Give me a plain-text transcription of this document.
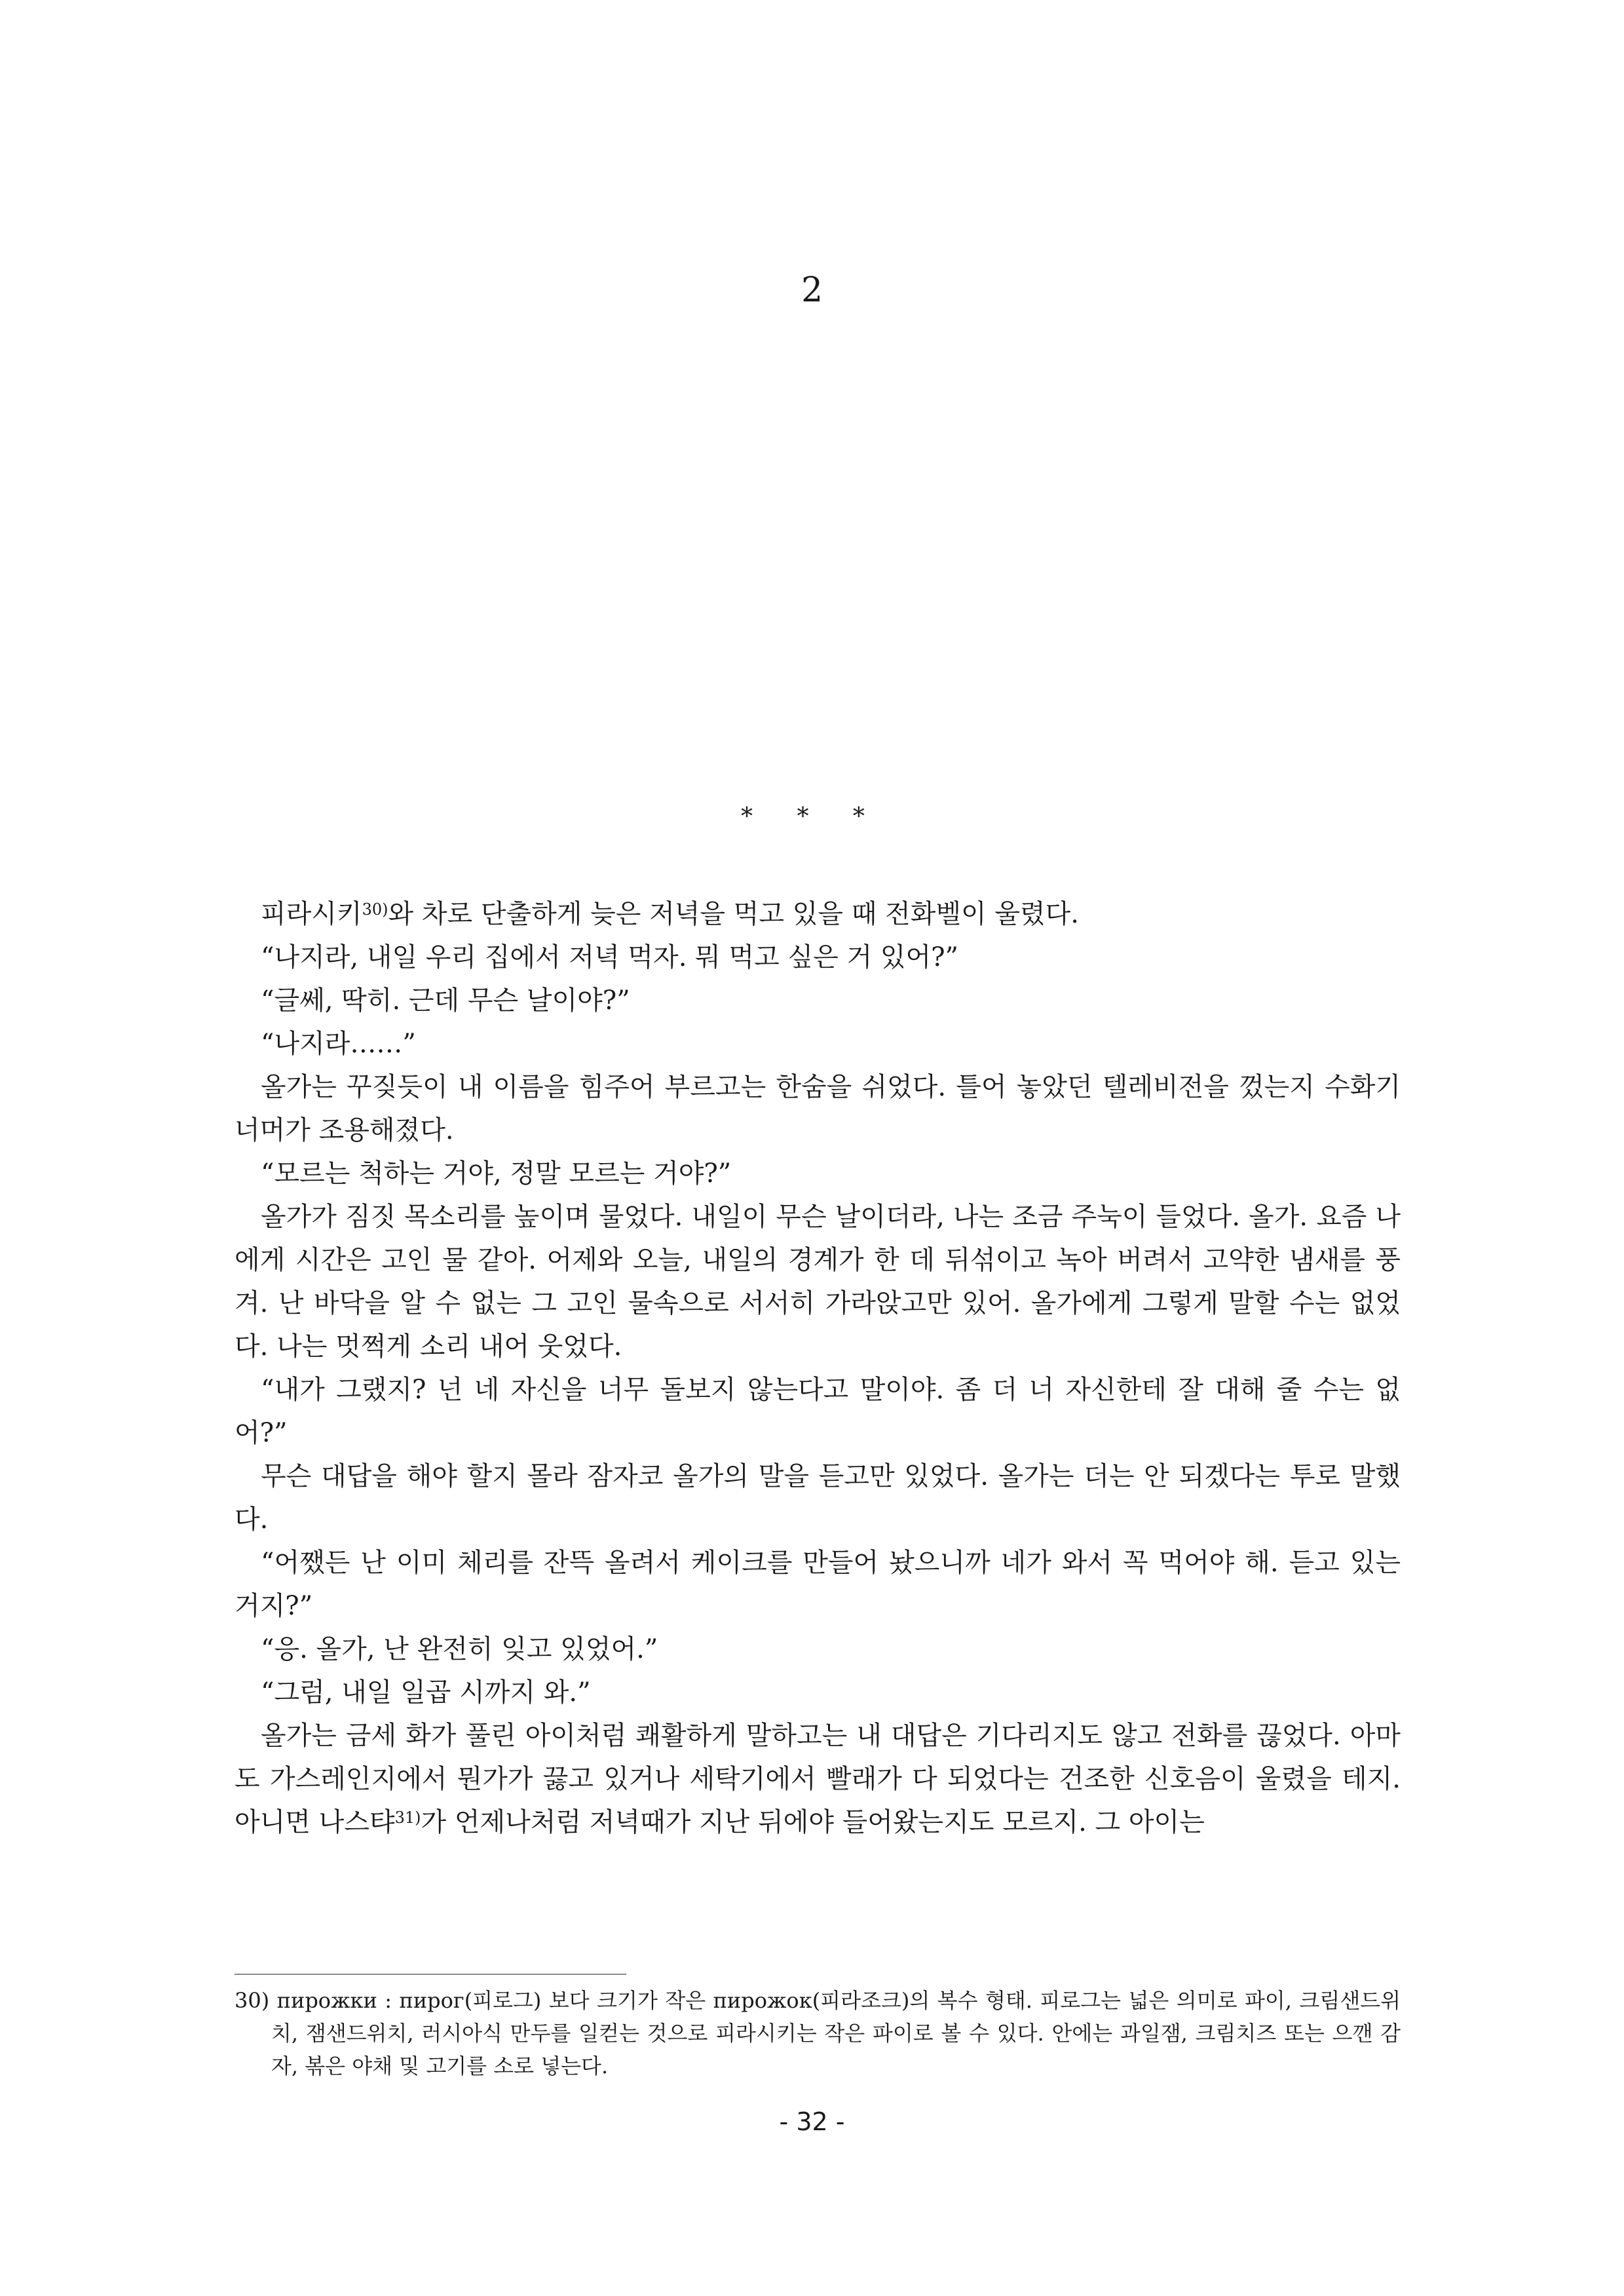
2
* * *

피라시키$^{30)}$와 차로 단출하게 늦은 저녁을 먹고 있을 때 전화벨이 울렸다.

“나지라, 내일 우리 집에서 저녁 먹자. 뭐 먹고 싶은 거 있어?”

“글쎄, 딱히. 근데 무슨 날이야?”

“나지라……”

올가는 꾸짖듯이 내 이름을 힘주어 부르고는 한숨을 쉬었다. 틀어 놓았던 텔레비전을 껐는지 수화기 너머가 조용해졌다.

“모르는 척하는 거야, 정말 모르는 거야?”

올가가 짐짓 목소리를 높이며 물었다. 내일이 무슨 날이더라, 나는 조금 주눅이 들었다. 올가. 요즘 나에게 시간은 고인 물 같아. 어제와 오늘, 내일의 경계가 한 데 뒤섞이고 녹아 버려서 고약한 냄새를 풍겨. 난 바닥을 알 수 없는 그 고인 물속으로 서서히 가라앉고만 있어. 올가에게 그렇게 말할 수는 없었다. 나는 멋쩍게 소리 내어 웃었다.

“내가 그랬지? 넌 네 자신을 너무 돌보지 않는다고 말이야. 좀 더 너 자신한테 잘 대해 줄 수는 없어?”

무슨 대답을 해야 할지 몰라 잠자코 올가의 말을 듣고만 있었다. 올가는 더는 안 되겠다는 투로 말했다.

“어쨌든 난 이미 체리를 잔뜩 올려서 케이크를 만들어 놨으니까 네가 와서 꼭 먹어야 해. 듣고 있는 거지?”

“응. 올가, 난 완전히 잊고 있었어.”

“그럼, 내일 일곱 시까지 와.”

올가는 금세 화가 풀린 아이처럼 쾌활하게 말하고는 내 대답은 기다리지도 않고 전화를 끊었다. 아마도 가스레인지에서 뭔가가 끓고 있거나 세탁기에서 빨래가 다 되었다는 건조한 신호음이 울렸을 테지. 아니면 나스탸$^{31)}$가 언제나처럼 저녁때가 지난 뒤에야 들어왔는지도 모르지. 그 아이는

30) пирожки : пирог(피로그) 보다 크기가 작은 пирожок(피라조크)의 복수 형태. 피로그는 넓은 의미로 파이, 크림샌드위치, 잼샌드위치, 러시아식 만두를 일컫는 것으로 피라시키는 작은 파이로 볼 수 있다. 안에는 과일잼, 크림치즈 또는 으깬 감자, 볶은 야채 및 고기를 소로 넣는다.
- 32 -
